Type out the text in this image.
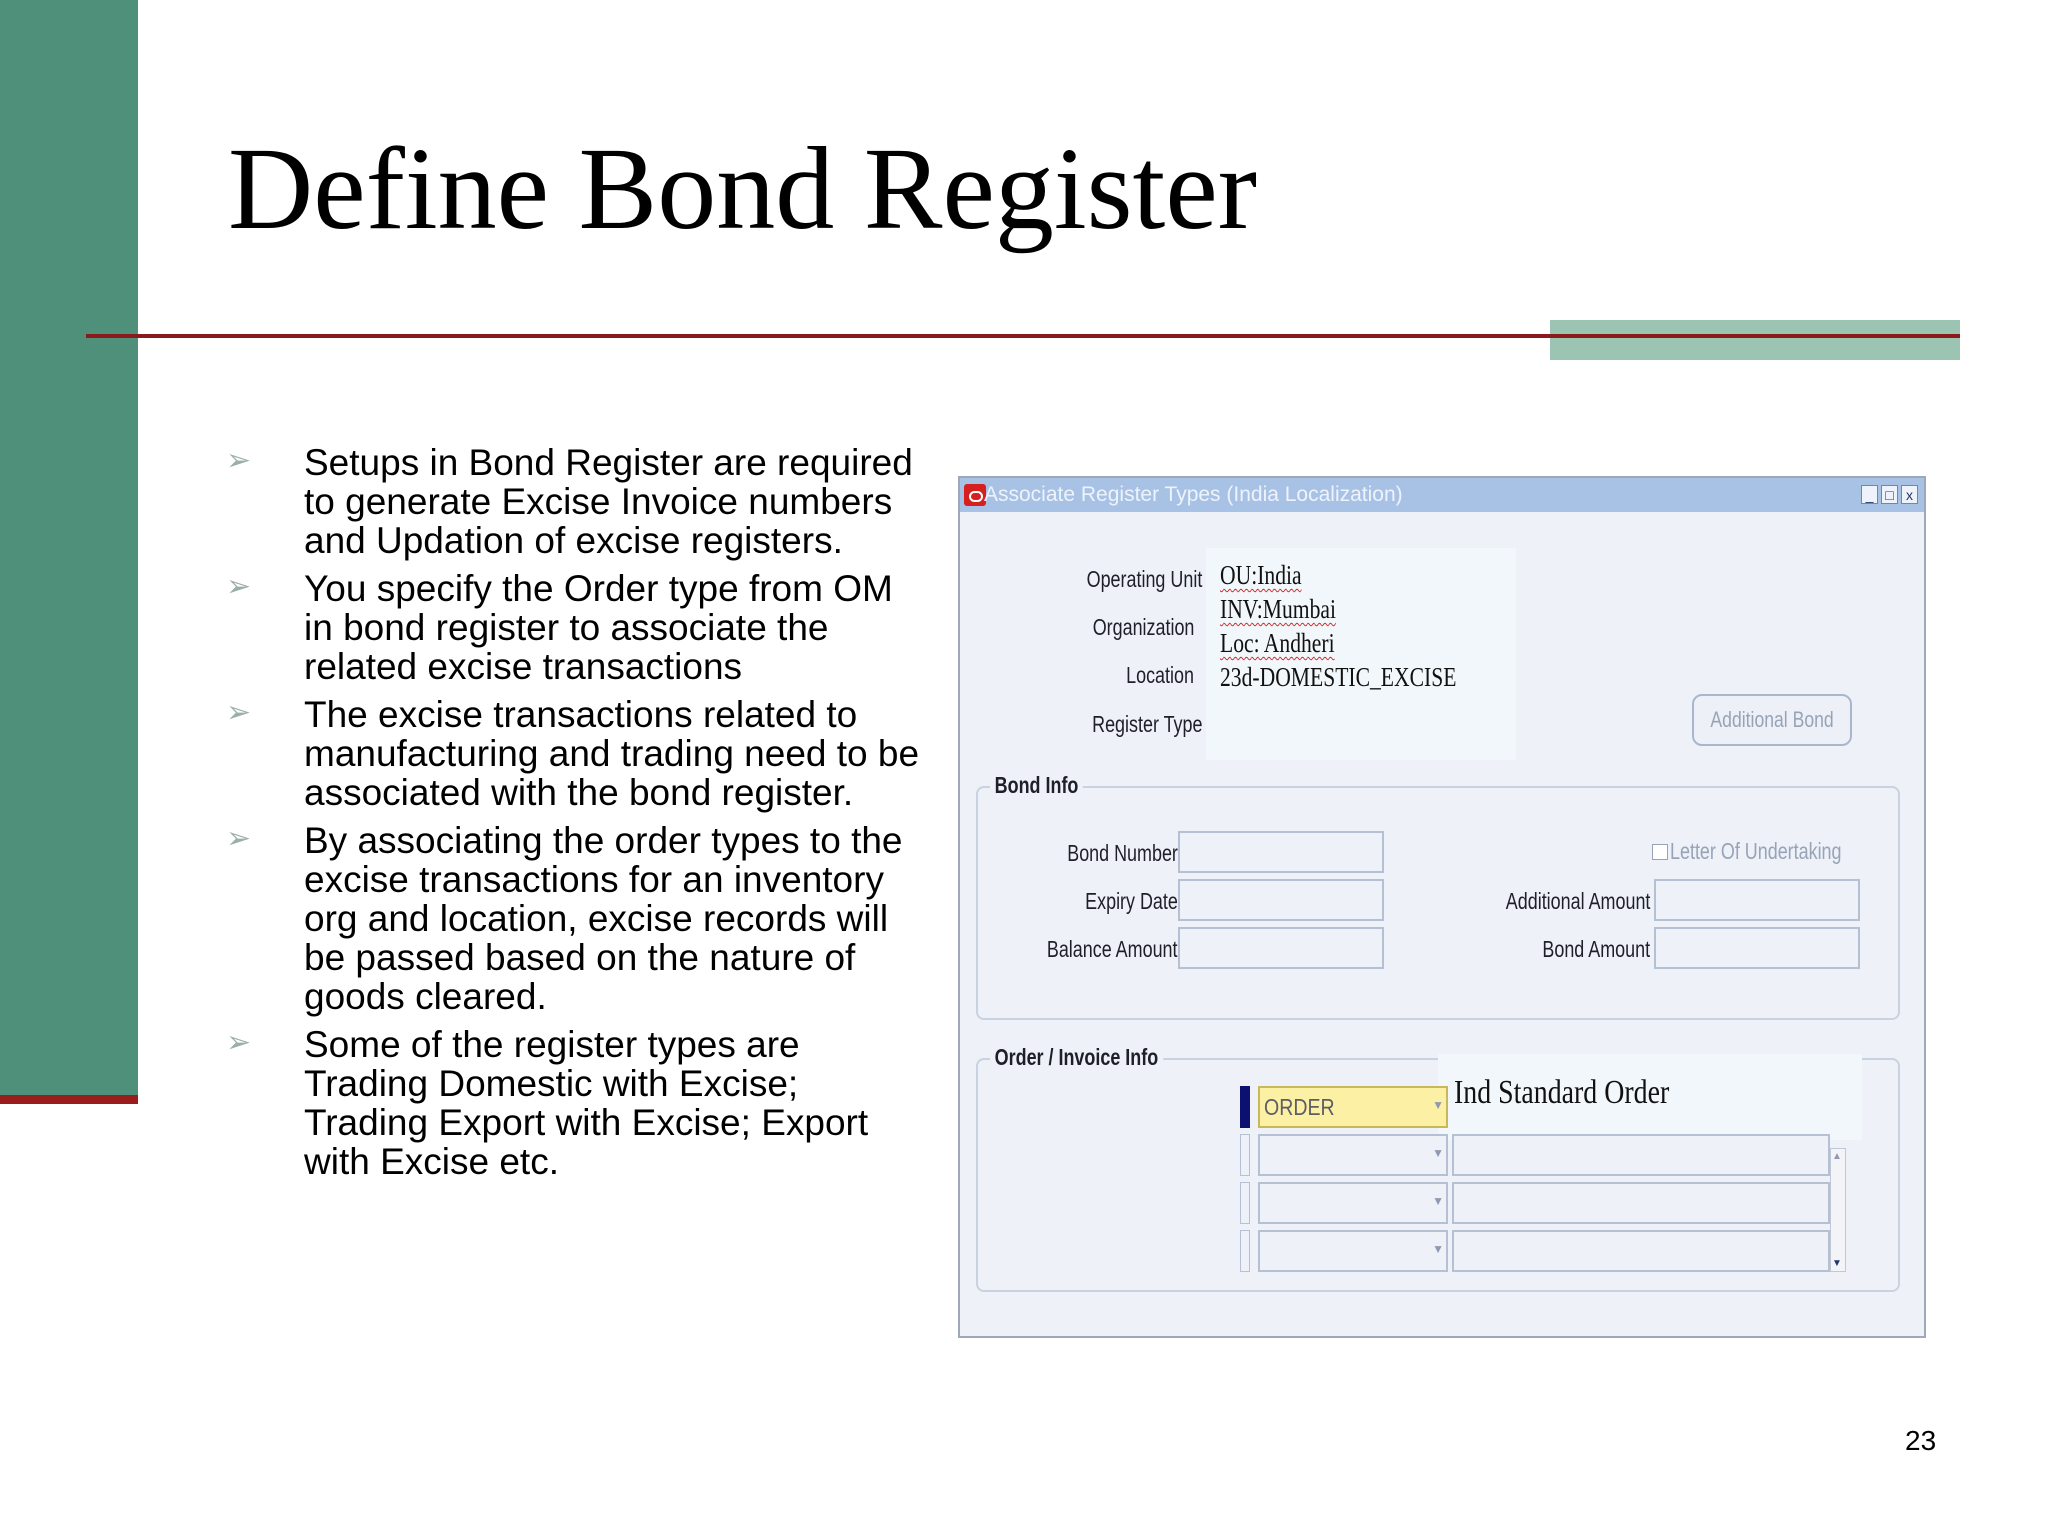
Define Bond Register
➢ Setups in Bond Register are required to generate Excise Invoice numbers and Updation of excise registers.
➢ You specify the Order type from OM in bond register to associate the related excise transactions
➢ The excise transactions related to manufacturing and trading need to be associated with the bond register.
➢ By associating the order types to the excise transactions for an inventory org and location, excise records will be passed based on the nature of goods cleared.
➢ Some of the register types are Trading Domestic with Excise; Trading Export with Excise; Export with Excise etc.
Associate Register Types (India Localization)	_ □ x
Operating Unit
Organization
Location
Register Type
OU:India
INV:Mumbai
Loc: Andheri
23d-DOMESTIC_EXCISE
Additional Bond
Bond Info
Bond Number
Expiry Date
Balance Amount
Letter Of Undertaking
Additional Amount
Bond Amount
Order / Invoice Info
ORDER	▼ Ind Standard Order
▼
▼
▼
▲
▼
23
